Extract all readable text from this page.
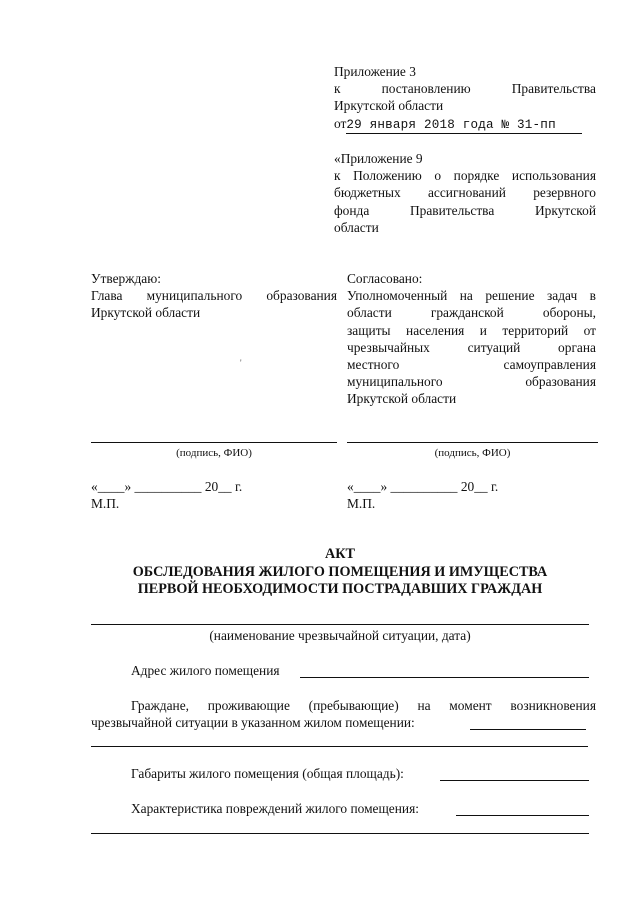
Приложение 3
к постановлению Правительства
Иркутской области
от29 января 2018 года № 31-пп
«Приложение 9
к Положению о порядке использования
бюджетных ассигнований резервного
фонда Правительства Иркутской
области
Утверждаю:
Глава муниципального образования
Иркутской области
'
Согласовано:
Уполномоченный на решение задач в
области гражданской обороны,
защиты населения и территорий от
чрезвычайных ситуаций органа
местного самоуправления
муниципального образования
Иркутской области
(подпись, ФИО)	(подпись, ФИО)
«____» __________ 20__ г.
М.П.
«____» __________ 20__ г.
М.П.
АКТ
ОБСЛЕДОВАНИЯ ЖИЛОГО ПОМЕЩЕНИЯ И ИМУЩЕСТВА
ПЕРВОЙ НЕОБХОДИМОСТИ ПОСТРАДАВШИХ ГРАЖДАН
(наименование чрезвычайной ситуации, дата)
Адрес жилого помещения
Граждане, проживающие (пребывающие) на момент возникновения
чрезвычайной ситуации в указанном жилом помещении:
Габариты жилого помещения (общая площадь):
Характеристика повреждений жилого помещения:
